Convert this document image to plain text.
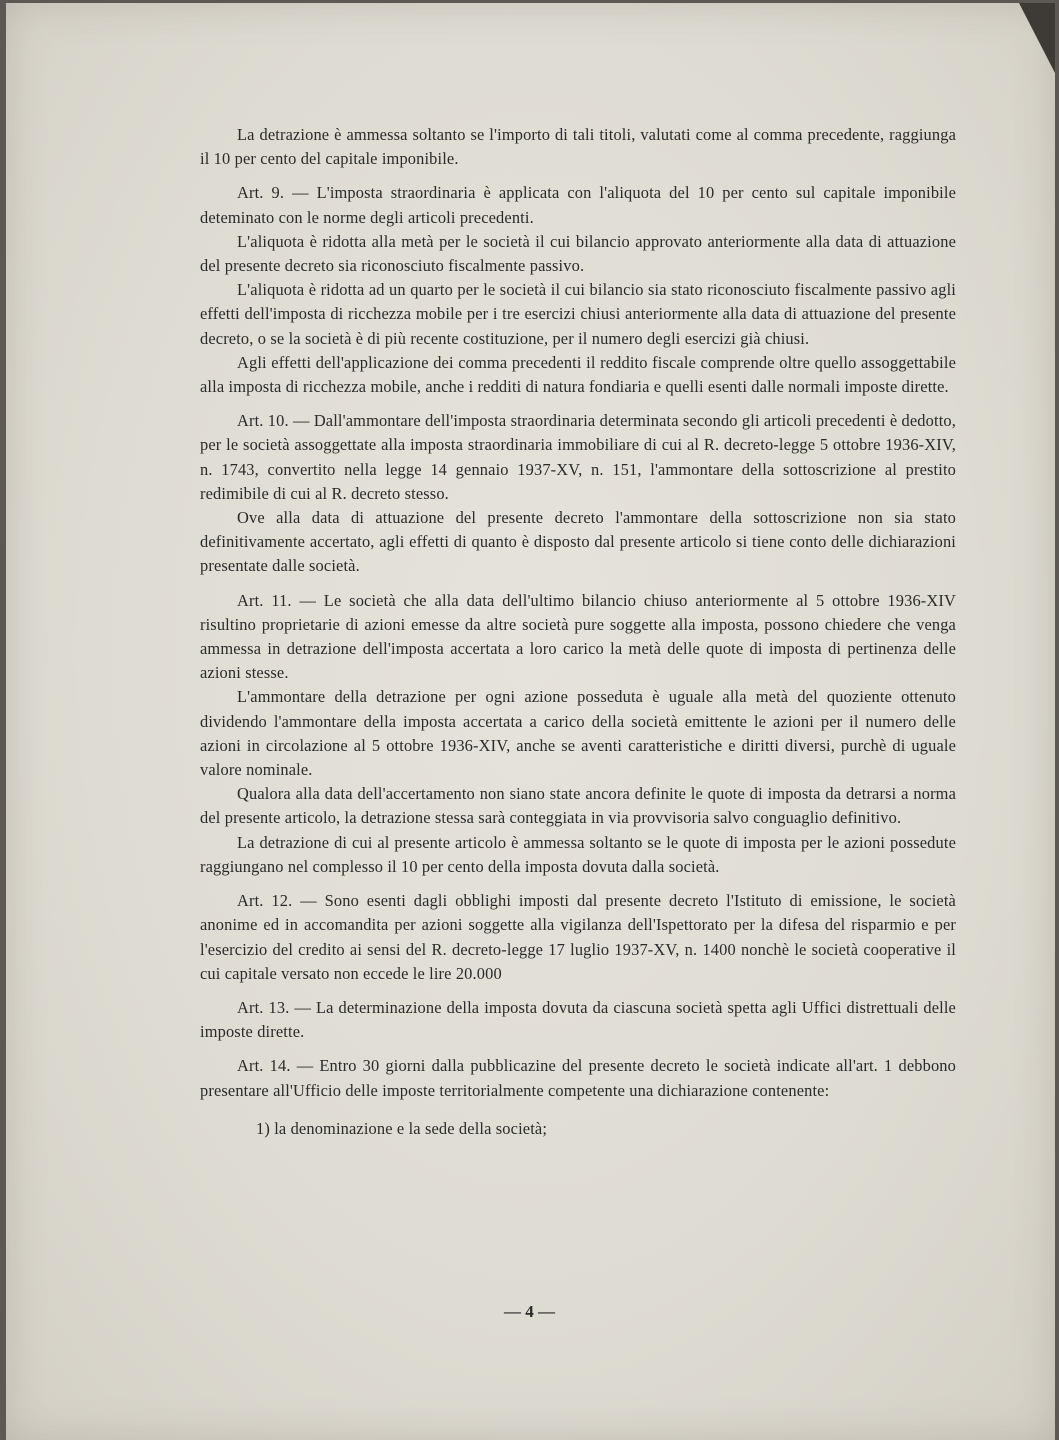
La detrazione è ammessa soltanto se l'importo di tali titoli, valutati come al comma precedente, raggiunga il 10 per cento del capitale imponibile.

Art. 9. — L'imposta straordinaria è applicata con l'aliquota del 10 per cento sul capitale imponibile deteminato con le norme degli articoli precedenti.

L'aliquota è ridotta alla metà per le società il cui bilancio approvato anteriormente alla data di attuazione del presente decreto sia riconosciuto fiscalmente passivo.

L'aliquota è ridotta ad un quarto per le società il cui bilancio sia stato riconosciuto fiscalmente passivo agli effetti dell'imposta di ricchezza mobile per i tre esercizi chiusi anteriormente alla data di attuazione del presente decreto, o se la società è di più recente costituzione, per il numero degli esercizi già chiusi.

Agli effetti dell'applicazione dei comma precedenti il reddito fiscale comprende oltre quello assoggettabile alla imposta di ricchezza mobile, anche i redditi di natura fondiaria e quelli esenti dalle normali imposte dirette.

Art. 10. — Dall'ammontare dell'imposta straordinaria determinata secondo gli articoli precedenti è dedotto, per le società assoggettate alla imposta straordinaria immobiliare di cui al R. decreto-legge 5 ottobre 1936-XIV, n. 1743, convertito nella legge 14 gennaio 1937-XV, n. 151, l'ammontare della sottoscrizione al prestito redimibile di cui al R. decreto stesso.

Ove alla data di attuazione del presente decreto l'ammontare della sottoscrizione non sia stato definitivamente accertato, agli effetti di quanto è disposto dal presente articolo si tiene conto delle dichiarazioni presentate dalle società.

Art. 11. — Le società che alla data dell'ultimo bilancio chiuso anteriormente al 5 ottobre 1936-XIV risultino proprietarie di azioni emesse da altre società pure soggette alla imposta, possono chiedere che venga ammessa in detrazione dell'imposta accertata a loro carico la metà delle quote di imposta di pertinenza delle azioni stesse.

L'ammontare della detrazione per ogni azione posseduta è uguale alla metà del quoziente ottenuto dividendo l'ammontare della imposta accertata a carico della società emittente le azioni per il numero delle azioni in circolazione al 5 ottobre 1936-XIV, anche se aventi caratteristiche e diritti diversi, purchè di uguale valore nominale.

Qualora alla data dell'accertamento non siano state ancora definite le quote di imposta da detrarsi a norma del presente articolo, la detrazione stessa sarà conteggiata in via provvisoria salvo conguaglio definitivo.

La detrazione di cui al presente articolo è ammessa soltanto se le quote di imposta per le azioni possedute raggiungano nel complesso il 10 per cento della imposta dovuta dalla società.

Art. 12. — Sono esenti dagli obblighi imposti dal presente decreto l'Istituto di emissione, le società anonime ed in accomandita per azioni soggette alla vigilanza dell'Ispettorato per la difesa del risparmio e per l'esercizio del credito ai sensi del R. decreto-legge 17 luglio 1937-XV, n. 1400 nonchè le società cooperative il cui capitale versato non eccede le lire 20.000

Art. 13. — La determinazione della imposta dovuta da ciascuna società spetta agli Uffici distrettuali delle imposte dirette.

Art. 14. — Entro 30 giorni dalla pubblicazine del presente decreto le società indicate all'art. 1 debbono presentare all'Ufficio delle imposte territorialmente competente una dichiarazione contenente:

1) la denominazione e la sede della società;

— 4 —
